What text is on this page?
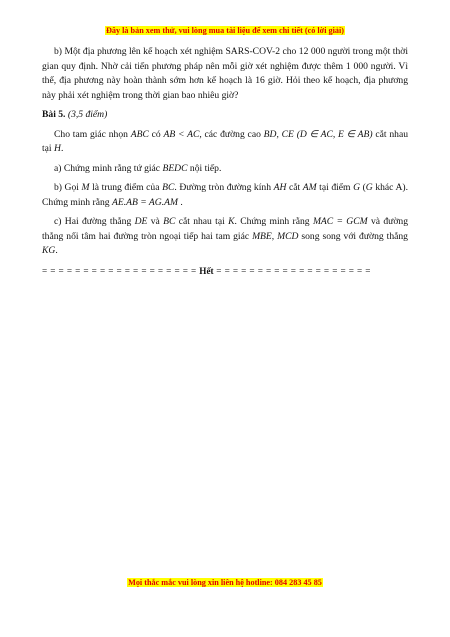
Đây là bản xem thử, vui lòng mua tài liệu để xem chi tiết (có lời giải)

b) Một địa phương lên kế hoạch xét nghiệm SARS-COV-2 cho 12 000 người trong một thời gian quy định. Nhờ cải tiến phương pháp nên mỗi giờ xét nghiệm được thêm 1 000 người. Vì thế, địa phương này hoàn thành sớm hơn kế hoạch là 16 giờ. Hỏi theo kế hoạch, địa phương này phải xét nghiệm trong thời gian bao nhiêu giờ?

Bài 5. (3,5 điểm)

Cho tam giác nhọn ABC có AB < AC, các đường cao BD, CE (D ∈ AC, E ∈ AB) cắt nhau tại H.

a) Chứng minh rằng tứ giác BEDC nội tiếp.

b) Gọi M là trung điểm của BC. Đường tròn đường kính AH cắt AM tại điểm G (G khác A). Chứng minh rằng AE.AB = AG.AM .

c) Hai đường thẳng DE và BC cắt nhau tại K. Chứng minh rằng MAC = GCM và đường thẳng nối tâm hai đường tròn ngoại tiếp hai tam giác MBE, MCD song song với đường thẳng KG.

= = = = = = = = = = = = = = = = = = = Hết = = = = = = = = = = = = = = = = = = =
Mọi thắc mắc vui lòng xin liên hệ hotline: 084 283 45 85
